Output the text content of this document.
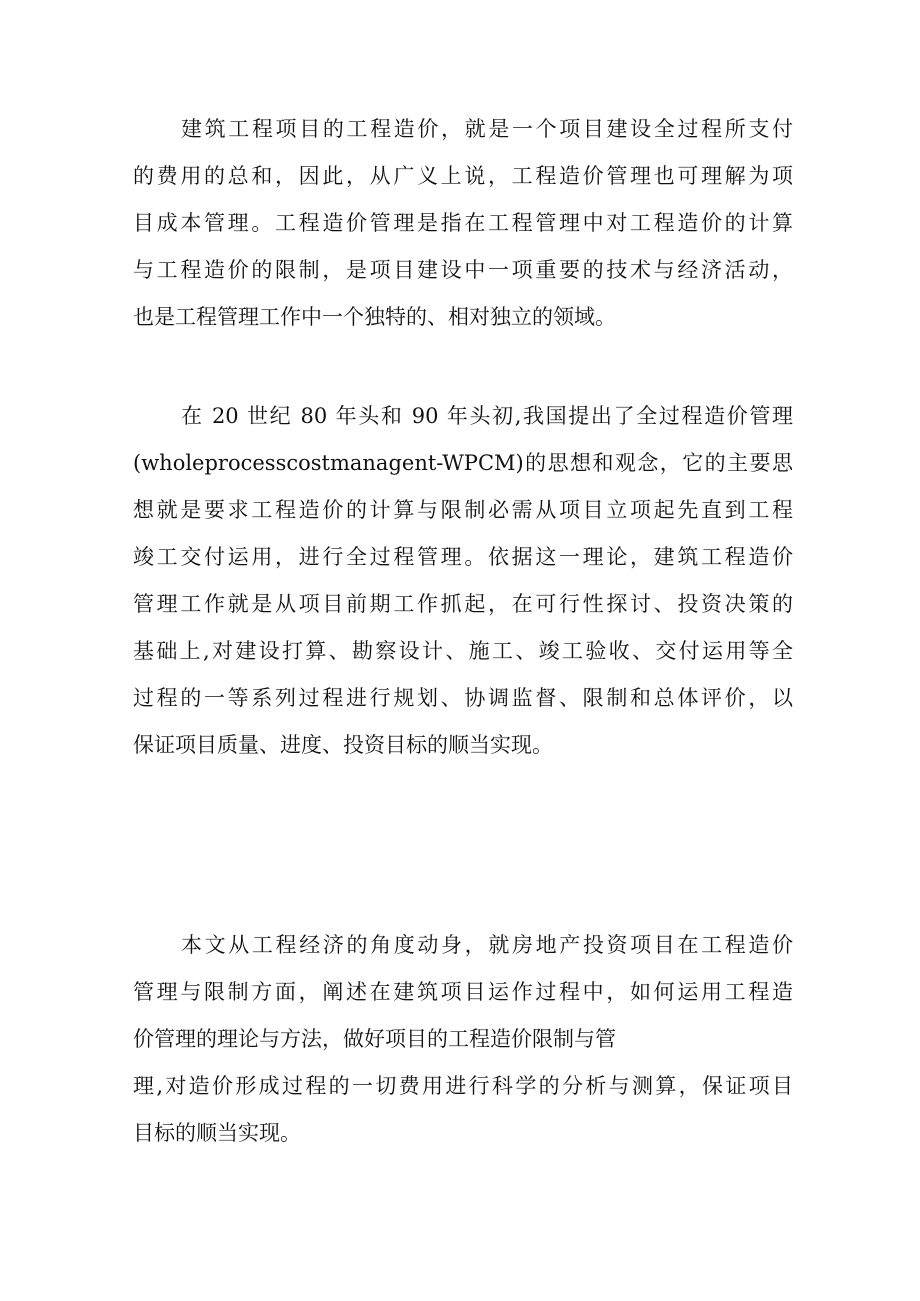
建筑工程项目的工程造价，就是一个项目建设全过程所支付
的费用的总和，因此，从广义上说，工程造价管理也可理解为项
目成本管理。工程造价管理是指在工程管理中对工程造价的计算
与工程造价的限制，是项目建设中一项重要的技术与经济活动，
也是工程管理工作中一个独特的、相对独立的领域。
在 20 世纪 80 年头和 90 年头初,我国提出了全过程造价管理
(wholeprocesscostmanagent-WPCM)的思想和观念，它的主要思
想就是要求工程造价的计算与限制必需从项目立项起先直到工程
竣工交付运用，进行全过程管理。依据这一理论，建筑工程造价
管理工作就是从项目前期工作抓起，在可行性探讨、投资决策的
基础上,对建设打算、勘察设计、施工、竣工验收、交付运用等全
过程的一等系列过程进行规划、协调监督、限制和总体评价，以
保证项目质量、进度、投资目标的顺当实现。
本文从工程经济的角度动身，就房地产投资项目在工程造价
管理与限制方面，阐述在建筑项目运作过程中，如何运用工程造
价管理的理论与方法，做好项目的工程造价限制与管
理,对造价形成过程的一切费用进行科学的分析与测算，保证项目
目标的顺当实现。
